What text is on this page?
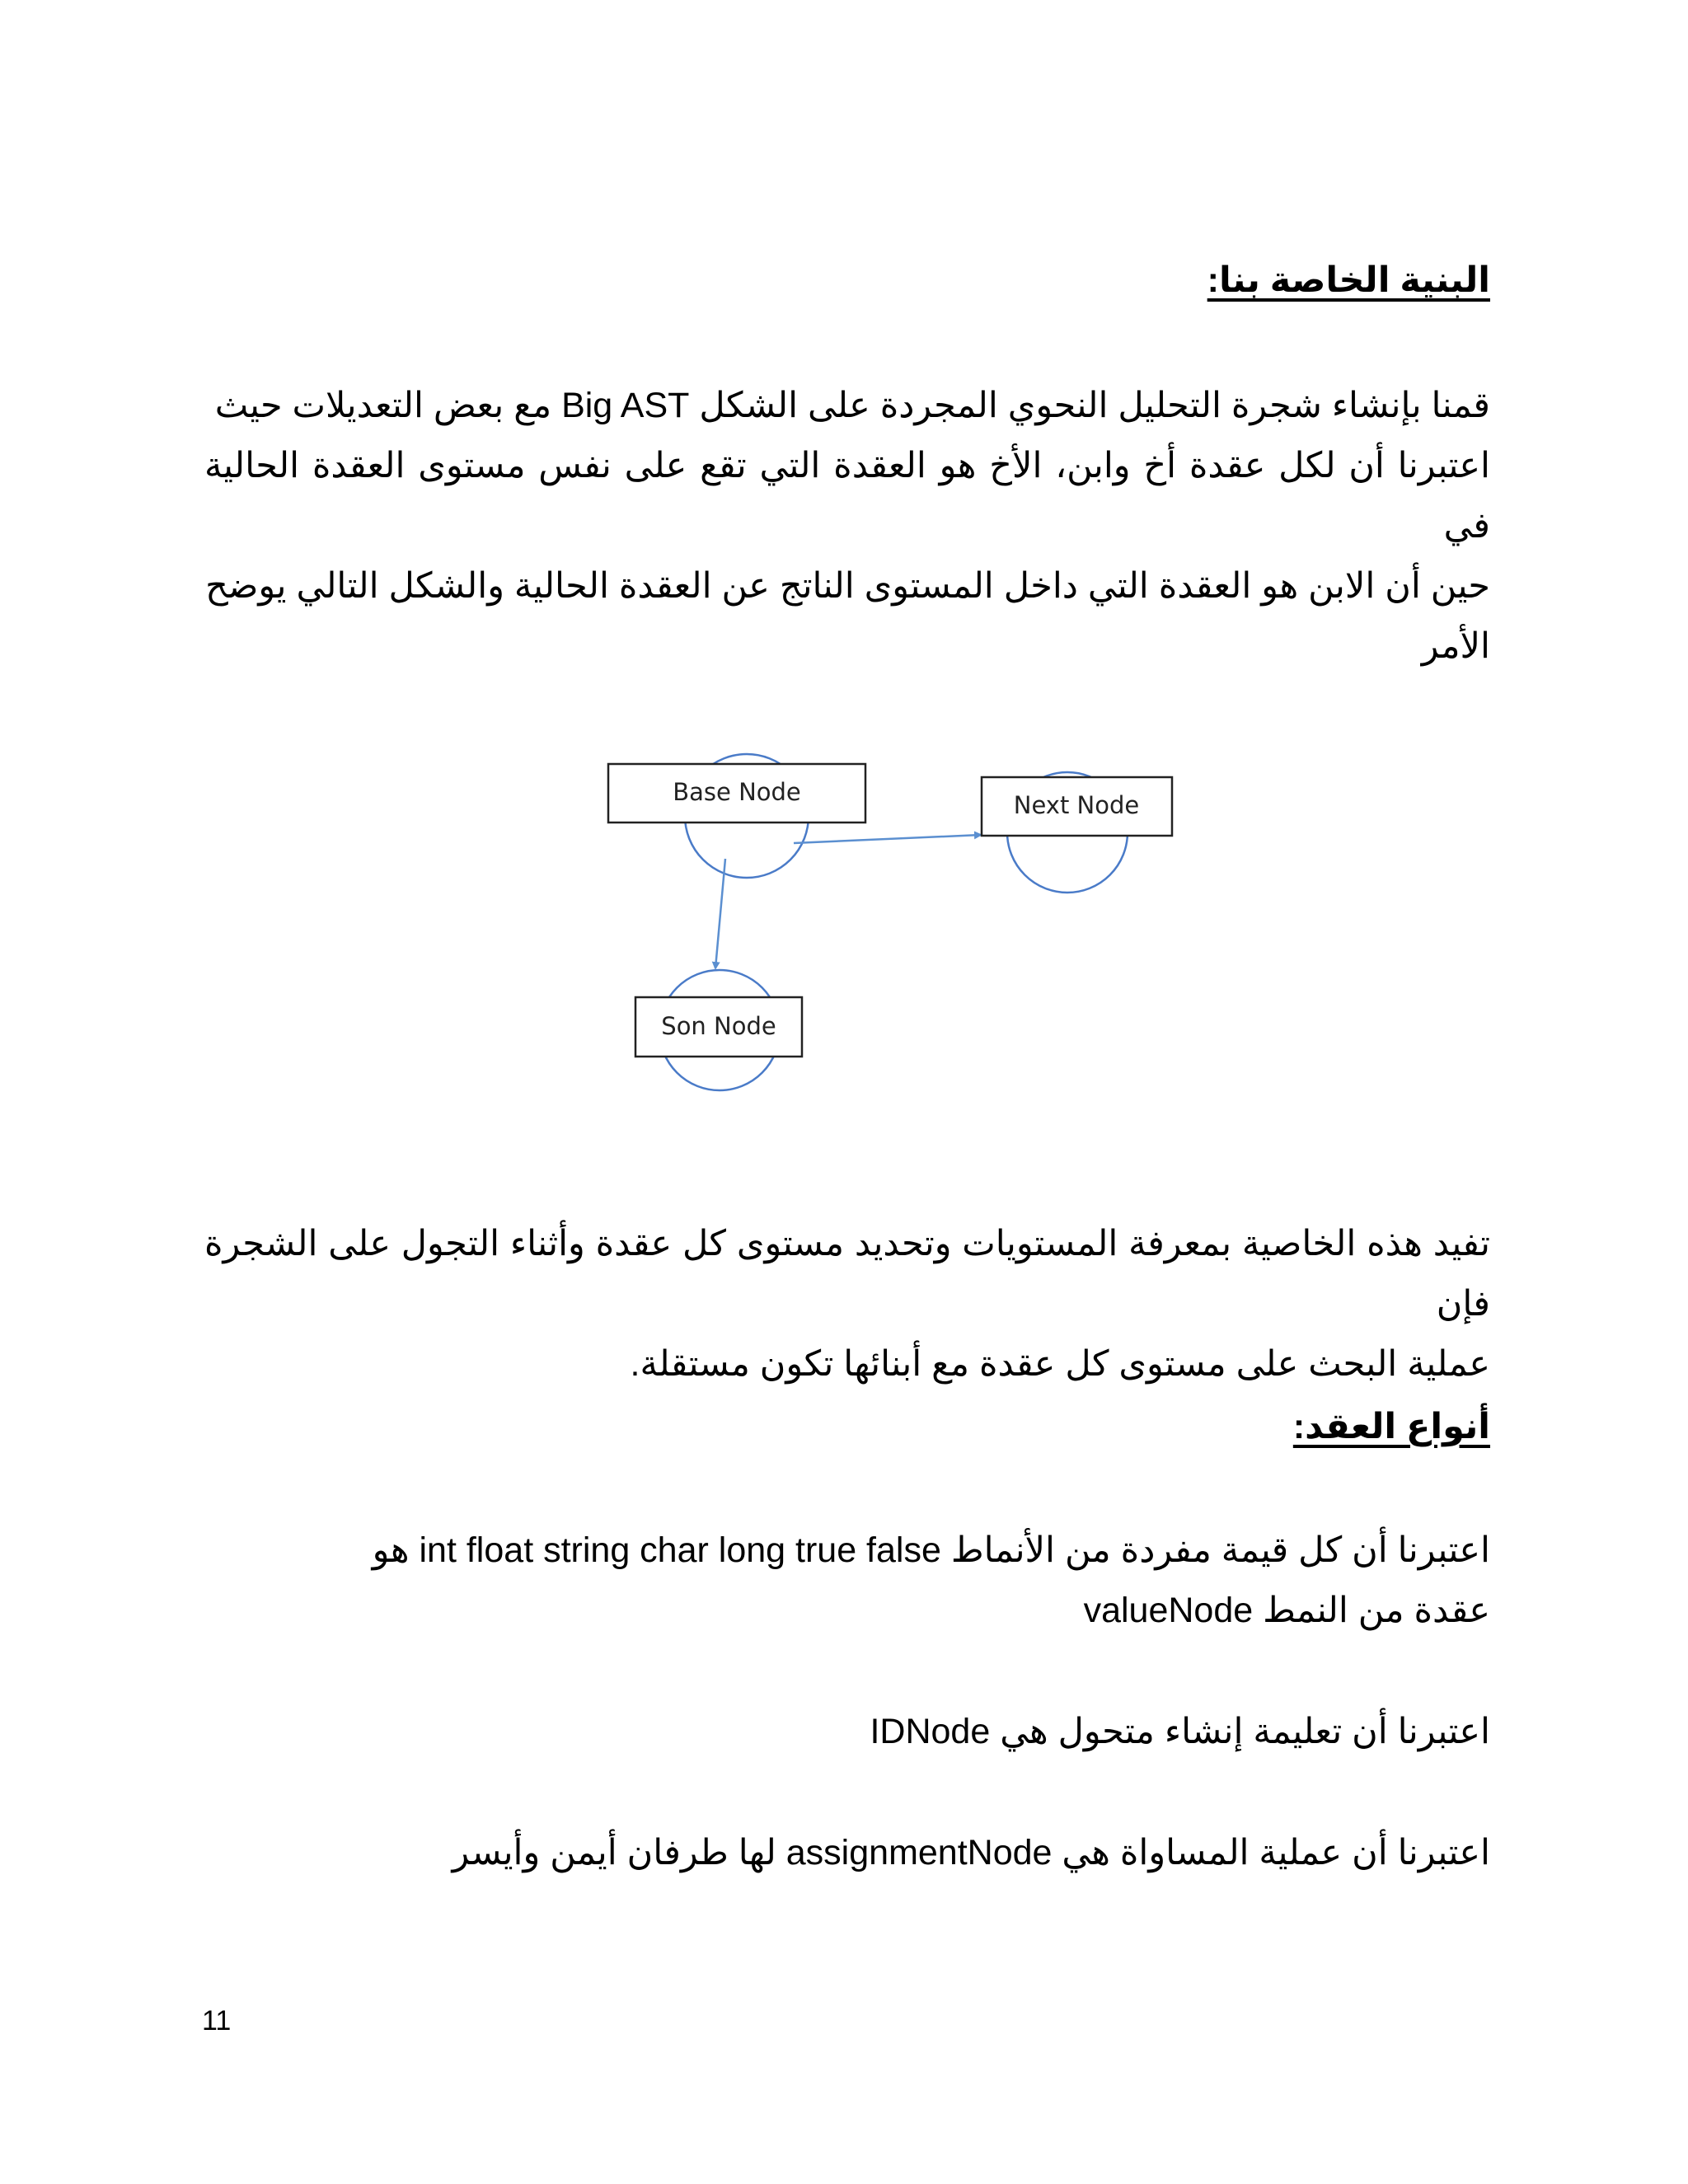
البنية الخاصة بنا:

قمنا بإنشاء شجرة التحليل النحوي المجردة على الشكل Big AST مع بعض التعديلات حيث

اعتبرنا أن لكل عقدة أخ وابن، الأخ هو العقدة التي تقع على نفس مستوى العقدة الحالية في

حين أن الابن هو العقدة التي داخل المستوى الناتج عن العقدة الحالية والشكل التالي يوضح

الأمر

Base Node	Next Node
Son Node

تفيد هذه الخاصية بمعرفة المستويات وتحديد مستوى كل عقدة وأثناء التجول على الشجرة فإن

عملية البحث على مستوى كل عقدة مع أبنائها تكون مستقلة.

أنواع العقد:

اعتبرنا أن كل قيمة مفردة من الأنماط int float string char long true false هو

عقدة من النمط valueNode

اعتبرنا أن تعليمة إنشاء متحول هي IDNode

اعتبرنا أن عملية المساواة هي assignmentNode لها طرفان أيمن وأيسر

11
